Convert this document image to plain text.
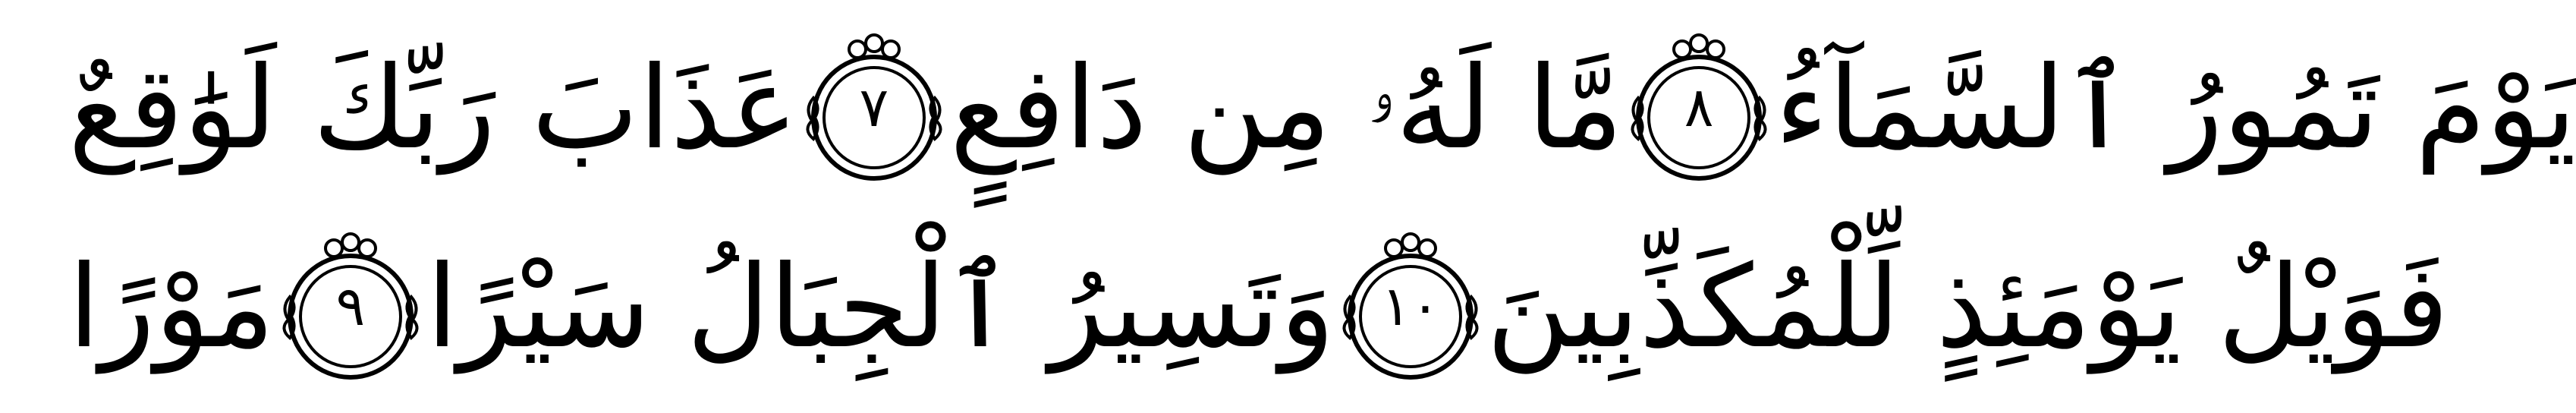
عَذَابَ رَبِّكَ لَوَٰقِعٌ	٧ مَّا لَهُۥ مِن دَافِعٍ	٨ يَوْمَ تَمُورُ ٱلسَّمَآءُ
مَوْرًا	٩ وَتَسِيرُ ٱلْجِبَالُ سَيْرًا ١٠ فَوَيْلٌ يَوْمَئِذٍ لِّلْمُكَذِّبِينَ
